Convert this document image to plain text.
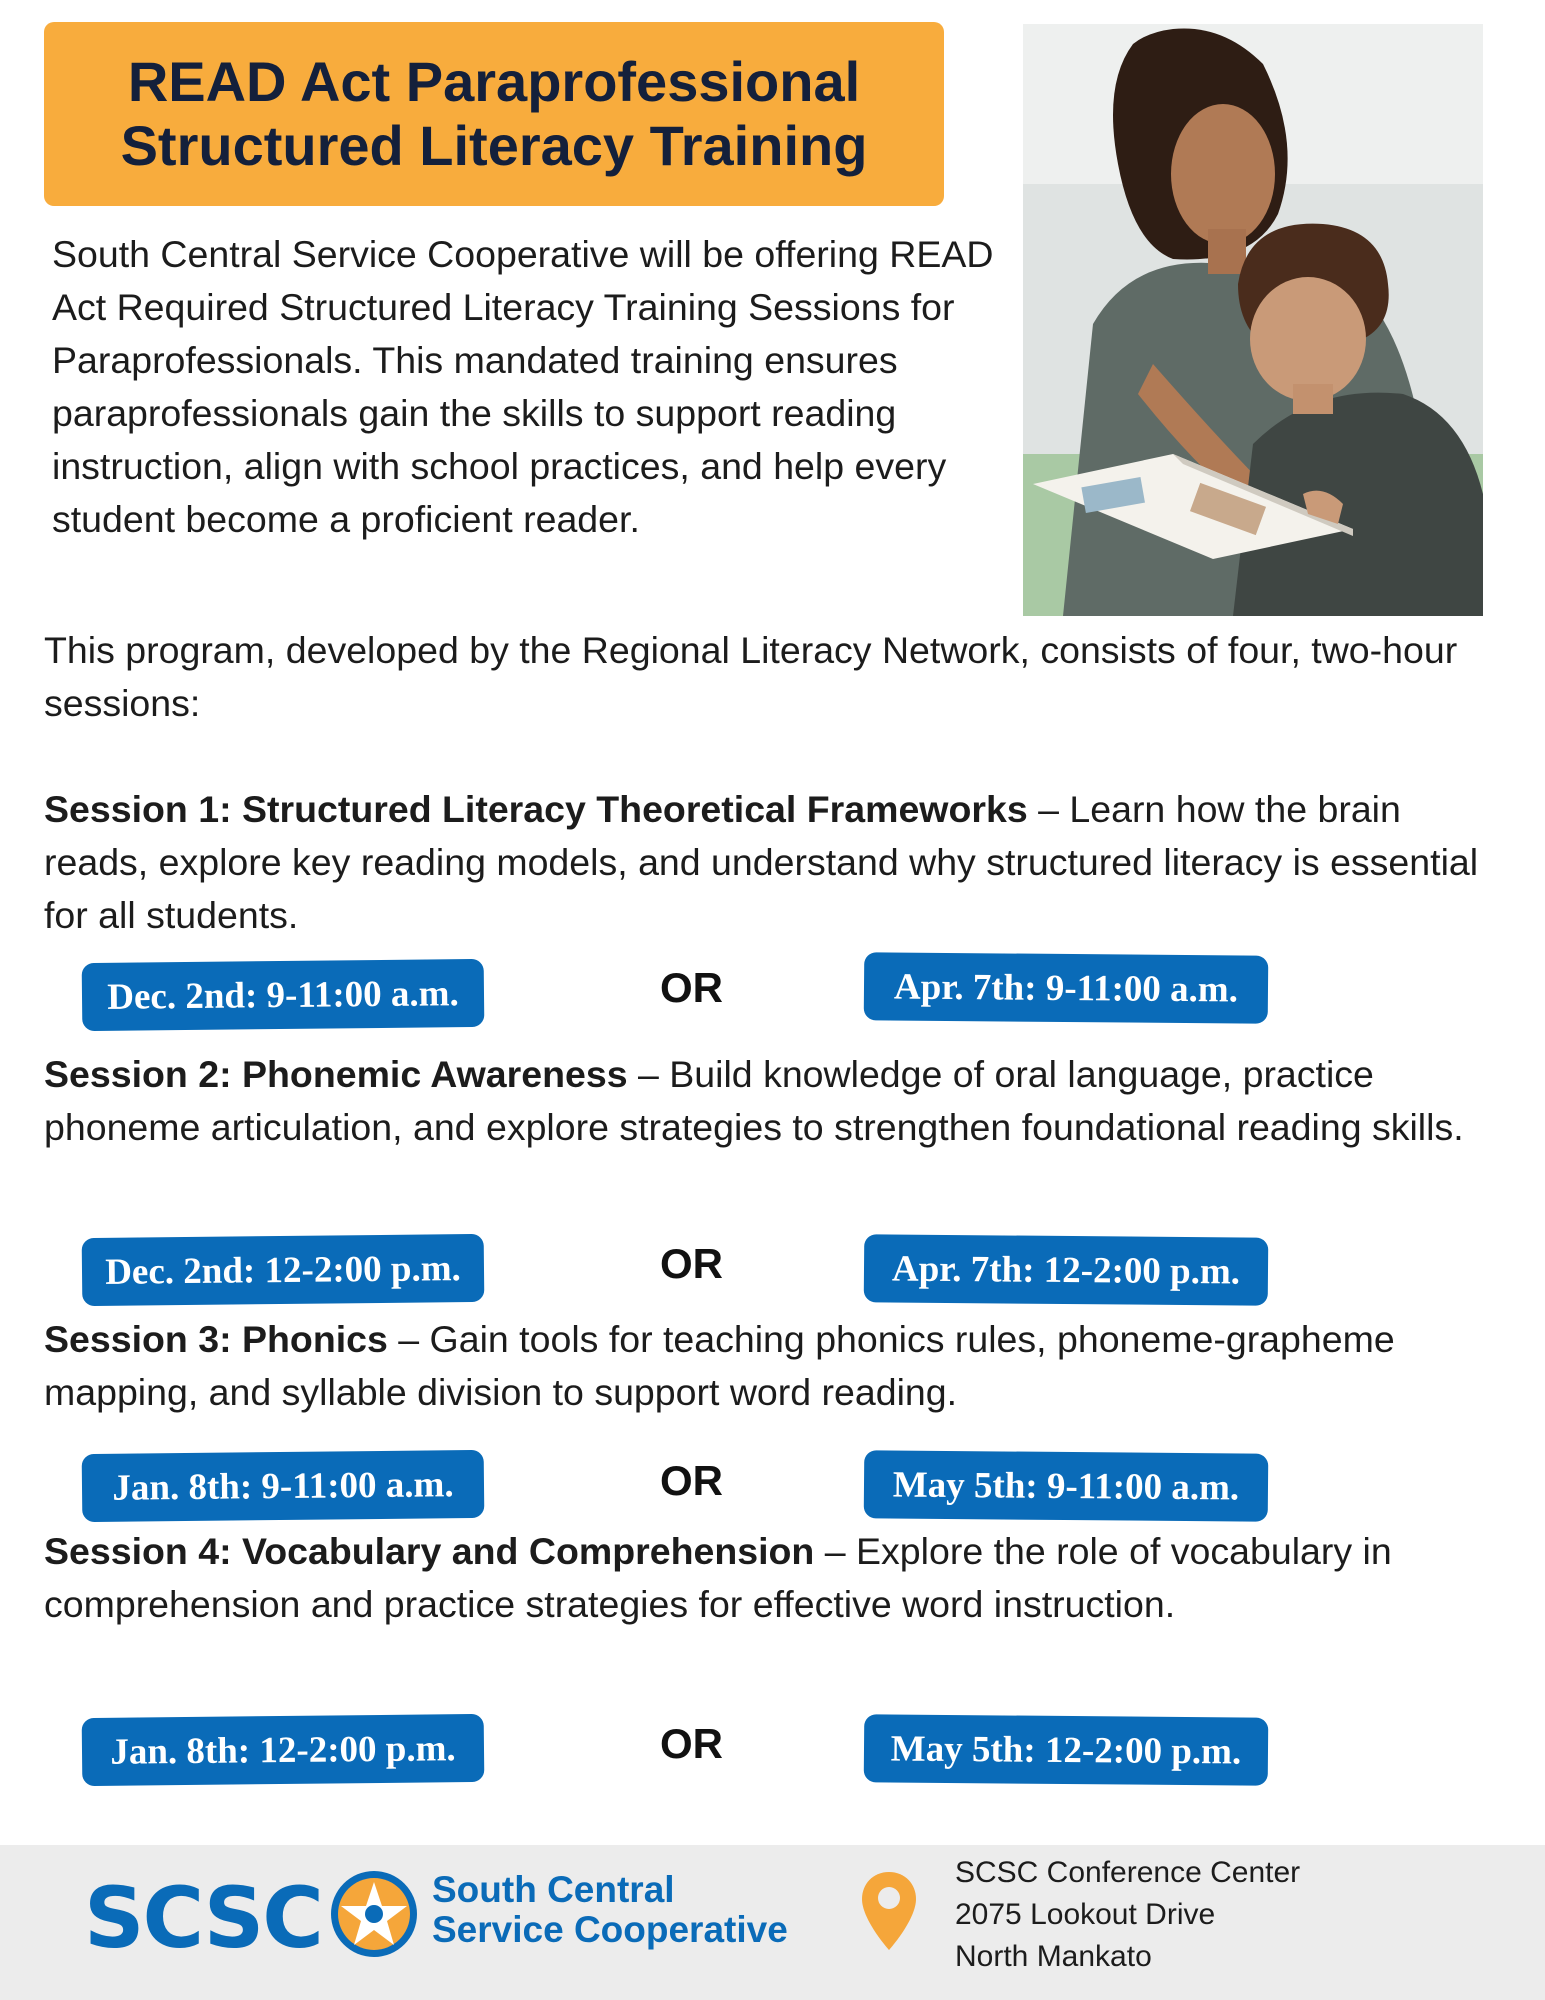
READ Act Paraprofessional
Structured Literacy Training

South Central Service Cooperative will be offering READ Act Required Structured Literacy Training Sessions for Paraprofessionals. This mandated training ensures paraprofessionals gain the skills to support reading instruction, align with school practices, and help every student become a proficient reader.

This program, developed by the Regional Literacy Network, consists of four, two-hour sessions:

Session 1: Structured Literacy Theoretical Frameworks – Learn how the brain reads, explore key reading models, and understand why structured literacy is essential for all students.

Dec. 2nd: 9-11:00 a.m.	OR	Apr. 7th: 9-11:00 a.m.

Session 2: Phonemic Awareness – Build knowledge of oral language, practice phoneme articulation, and explore strategies to strengthen foundational reading skills.

Dec. 2nd: 12-2:00 p.m.	OR	Apr. 7th: 12-2:00 p.m.

Session 3: Phonics – Gain tools for teaching phonics rules, phoneme-grapheme mapping, and syllable division to support word reading.

Jan. 8th: 9-11:00 a.m.	OR	May 5th: 9-11:00 a.m.

Session 4: Vocabulary and Comprehension – Explore the role of vocabulary in comprehension and practice strategies for effective word instruction.

Jan. 8th: 12-2:00 p.m.	OR	May 5th: 12-2:00 p.m.
SCSC	South Central
Service Cooperative
SCSC Conference Center
2075 Lookout Drive
North Mankato
